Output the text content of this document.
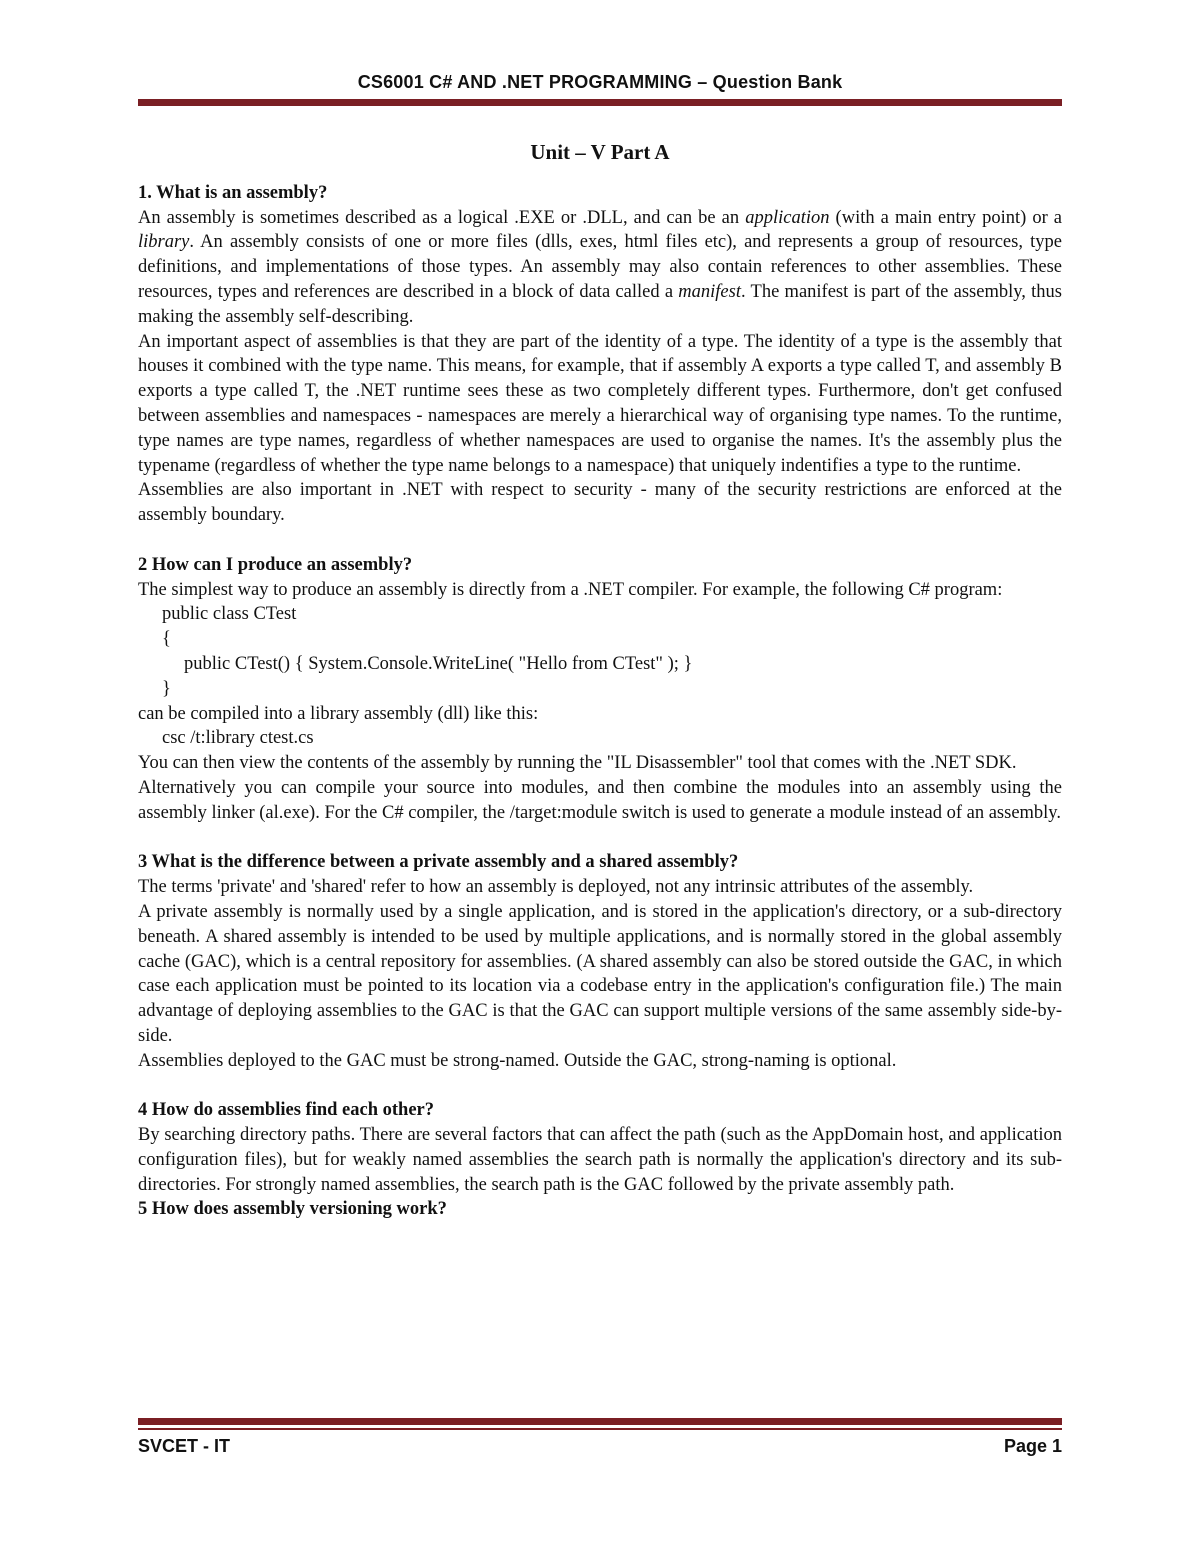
CS6001 C# AND .NET PROGRAMMING – Question Bank

Unit – V Part A

1. What is an assembly?

An assembly is sometimes described as a logical .EXE or .DLL, and can be an application (with a main entry point) or a library. An assembly consists of one or more files (dlls, exes, html files etc), and represents a group of resources, type definitions, and implementations of those types. An assembly may also contain references to other assemblies. These resources, types and references are described in a block of data called a manifest. The manifest is part of the assembly, thus making the assembly self-describing.

An important aspect of assemblies is that they are part of the identity of a type. The identity of a type is the assembly that houses it combined with the type name. This means, for example, that if assembly A exports a type called T, and assembly B exports a type called T, the .NET runtime sees these as two completely different types. Furthermore, don't get confused between assemblies and namespaces - namespaces are merely a hierarchical way of organising type names. To the runtime, type names are type names, regardless of whether namespaces are used to organise the names. It's the assembly plus the typename (regardless of whether the type name belongs to a namespace) that uniquely indentifies a type to the runtime.

Assemblies are also important in .NET with respect to security - many of the security restrictions are enforced at the assembly boundary.

2 How can I produce an assembly?

The simplest way to produce an assembly is directly from a .NET compiler. For example, the following C# program:

public class CTest

{

public CTest() { System.Console.WriteLine( "Hello from CTest" ); }

}

can be compiled into a library assembly (dll) like this:

csc /t:library ctest.cs

You can then view the contents of the assembly by running the "IL Disassembler" tool that comes with the .NET SDK.

Alternatively you can compile your source into modules, and then combine the modules into an assembly using the assembly linker (al.exe). For the C# compiler, the /target:module switch is used to generate a module instead of an assembly.

3 What is the difference between a private assembly and a shared assembly?

The terms 'private' and 'shared' refer to how an assembly is deployed, not any intrinsic attributes of the assembly.

A private assembly is normally used by a single application, and is stored in the application's directory, or a sub-directory beneath. A shared assembly is intended to be used by multiple applications, and is normally stored in the global assembly cache (GAC), which is a central repository for assemblies. (A shared assembly can also be stored outside the GAC, in which case each application must be pointed to its location via a codebase entry in the application's configuration file.) The main advantage of deploying assemblies to the GAC is that the GAC can support multiple versions of the same assembly side-by-side.

Assemblies deployed to the GAC must be strong-named. Outside the GAC, strong-naming is optional.

4 How do assemblies find each other?

By searching directory paths. There are several factors that can affect the path (such as the AppDomain host, and application configuration files), but for weakly named assemblies the search path is normally the application's directory and its sub-directories. For strongly named assemblies, the search path is the GAC followed by the private assembly path.

5 How does assembly versioning work?

SVCET - IT	Page 1
